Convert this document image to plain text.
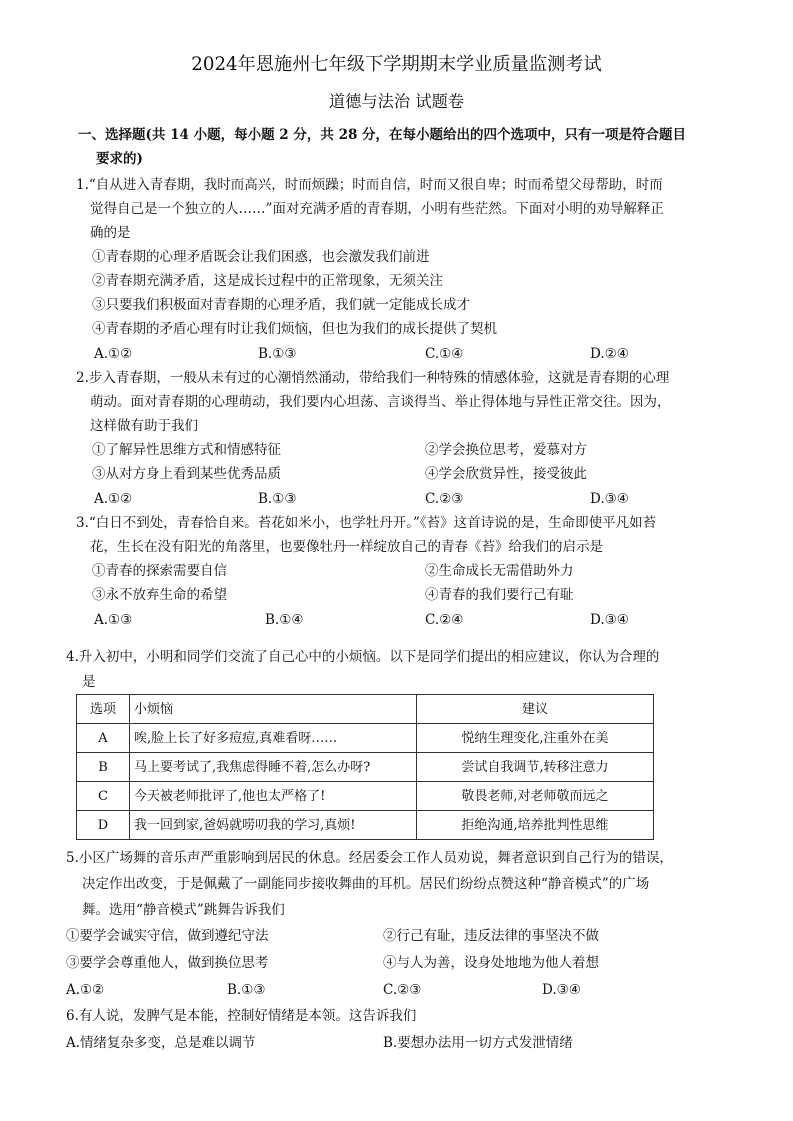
2024年恩施州七年级下学期期末学业质量监测考试
道德与法治 试题卷
一、选择题(共 14 小题，每小题 2 分，共 28 分，在每小题给出的四个选项中，只有一项是符合题目
要求的)
1.“自从进入青春期，我时而高兴，时而烦躁；时而自信，时而又很自卑；时而希望父母帮助，时而
觉得自己是一个独立的人……”面对充满矛盾的青春期，小明有些茫然。下面对小明的劝导解释正
确的是
①青春期的心理矛盾既会让我们困惑，也会激发我们前进
②青春期充满矛盾，这是成长过程中的正常现象，无须关注
③只要我们积极面对青春期的心理矛盾，我们就一定能成长成才
④青春期的矛盾心理有时让我们烦恼，但也为我们的成长提供了契机
A.①②	B.①③	C.①④	D.②④
2.步入青春期，一般从未有过的心潮悄然涌动，带给我们一种特殊的情感体验，这就是青春期的心理
萌动。面对青春期的心理萌动，我们要内心坦荡、言谈得当、举止得体地与异性正常交往。因为，
这样做有助于我们
①了解异性思维方式和情感特征	②学会换位思考，爱慕对方
③从对方身上看到某些优秀品质	④学会欣赏异性，接受彼此
A.①②	B.①③	C.②③	D.③④
3.“白日不到处，青春恰自来。苔花如米小，也学牡丹开。”《苔》这首诗说的是，生命即使平凡如苔
花，生长在没有阳光的角落里，也要像牡丹一样绽放自己的青春《苔》给我们的启示是
①青春的探索需要自信	②生命成长无需借助外力
③永不放弃生命的希望	④青春的我们要行己有耻
A.①③	B.①④	C.②④	D.③④
4.升入初中，小明和同学们交流了自己心中的小烦恼。以下是同学们提出的相应建议，你认为合理的
是
选项	小烦恼	建议
A	唉,脸上长了好多痘痘,真难看呀……	悦纳生理变化,注重外在美
B	马上要考试了,我焦虑得睡不着,怎么办呀?	尝试自我调节,转移注意力
C	今天被老师批评了,他也太严格了!	敬畏老师,对老师敬而远之
D	我一回到家,爸妈就唠叨我的学习,真烦!	拒绝沟通,培养批判性思维
5.小区广场舞的音乐声严重影响到居民的休息。经居委会工作人员劝说，舞者意识到自己行为的错误，
决定作出改变，于是佩戴了一副能同步接收舞曲的耳机。居民们纷纷点赞这种“静音模式”的广场
舞。选用“静音模式”跳舞告诉我们
①要学会诚实守信，做到遵纪守法	②行己有耻，违反法律的事坚决不做
③要学会尊重他人，做到换位思考	④与人为善，设身处地地为他人着想
A.①②	B.①③	C.②③	D.③④
6.有人说，发脾气是本能，控制好情绪是本领。这告诉我们
A.情绪复杂多变，总是难以调节	B.要想办法用一切方式发泄情绪
